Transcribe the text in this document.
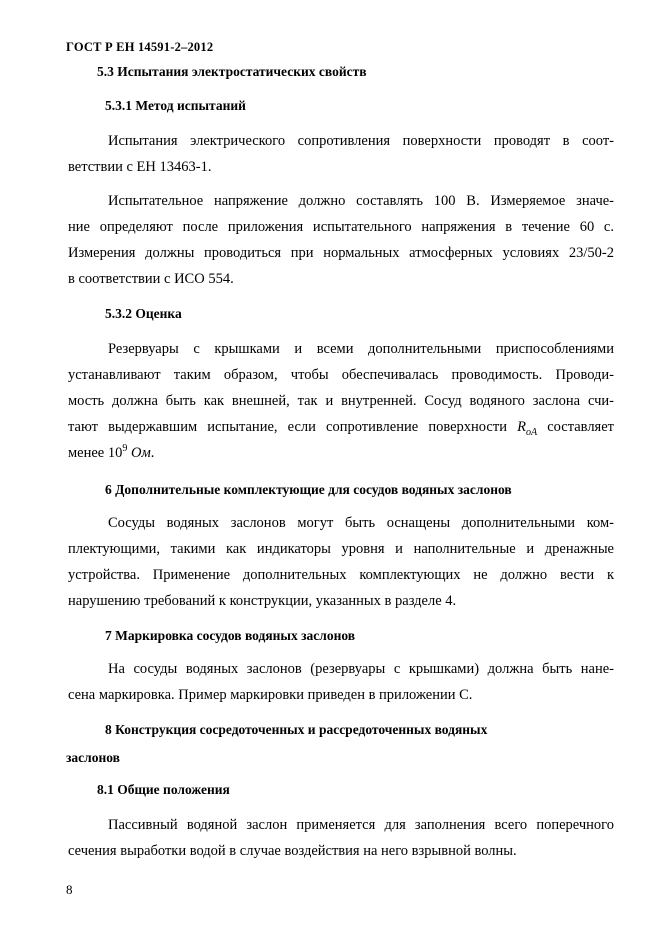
ГОСТ Р ЕН 14591-2–2012
5.3 Испытания электростатических свойств
5.3.1 Метод испытаний
Испытания электрического сопротивления поверхности проводят в соот-
ветствии с ЕН 13463-1.
Испытательное напряжение должно составлять 100 В. Измеряемое значе-
ние определяют после приложения испытательного напряжения в течение 60 с.
Измерения должны проводиться при нормальных атмосферных условиях 23/50-2
в соответствии с ИСО 554.
5.3.2 Оценка
Резервуары с крышками и всеми дополнительными приспособлениями
устанавливают таким образом, чтобы обеспечивалась проводимость. Проводи-
мость должна быть как внешней, так и внутренней. Сосуд водяного заслона счи-
тают выдержавшим испытание, если сопротивление поверхности $R_{оА}$ составляет
менее $10^9$ Ом.
6 Дополнительные комплектующие для сосудов водяных заслонов
Сосуды водяных заслонов могут быть оснащены дополнительными ком-
плектующими, такими как индикаторы уровня и наполнительные и дренажные
устройства. Применение дополнительных комплектующих не должно вести к
нарушению требований к конструкции, указанных в разделе 4.
7 Маркировка сосудов водяных заслонов
На сосуды водяных заслонов (резервуары с крышками) должна быть нане-
сена маркировка. Пример маркировки приведен в приложении С.
8 Конструкция сосредоточенных и рассредоточенных водяных
заслонов
8.1 Общие положения
Пассивный водяной заслон применяется для заполнения всего поперечного
сечения выработки водой в случае воздействия на него взрывной волны.
8
